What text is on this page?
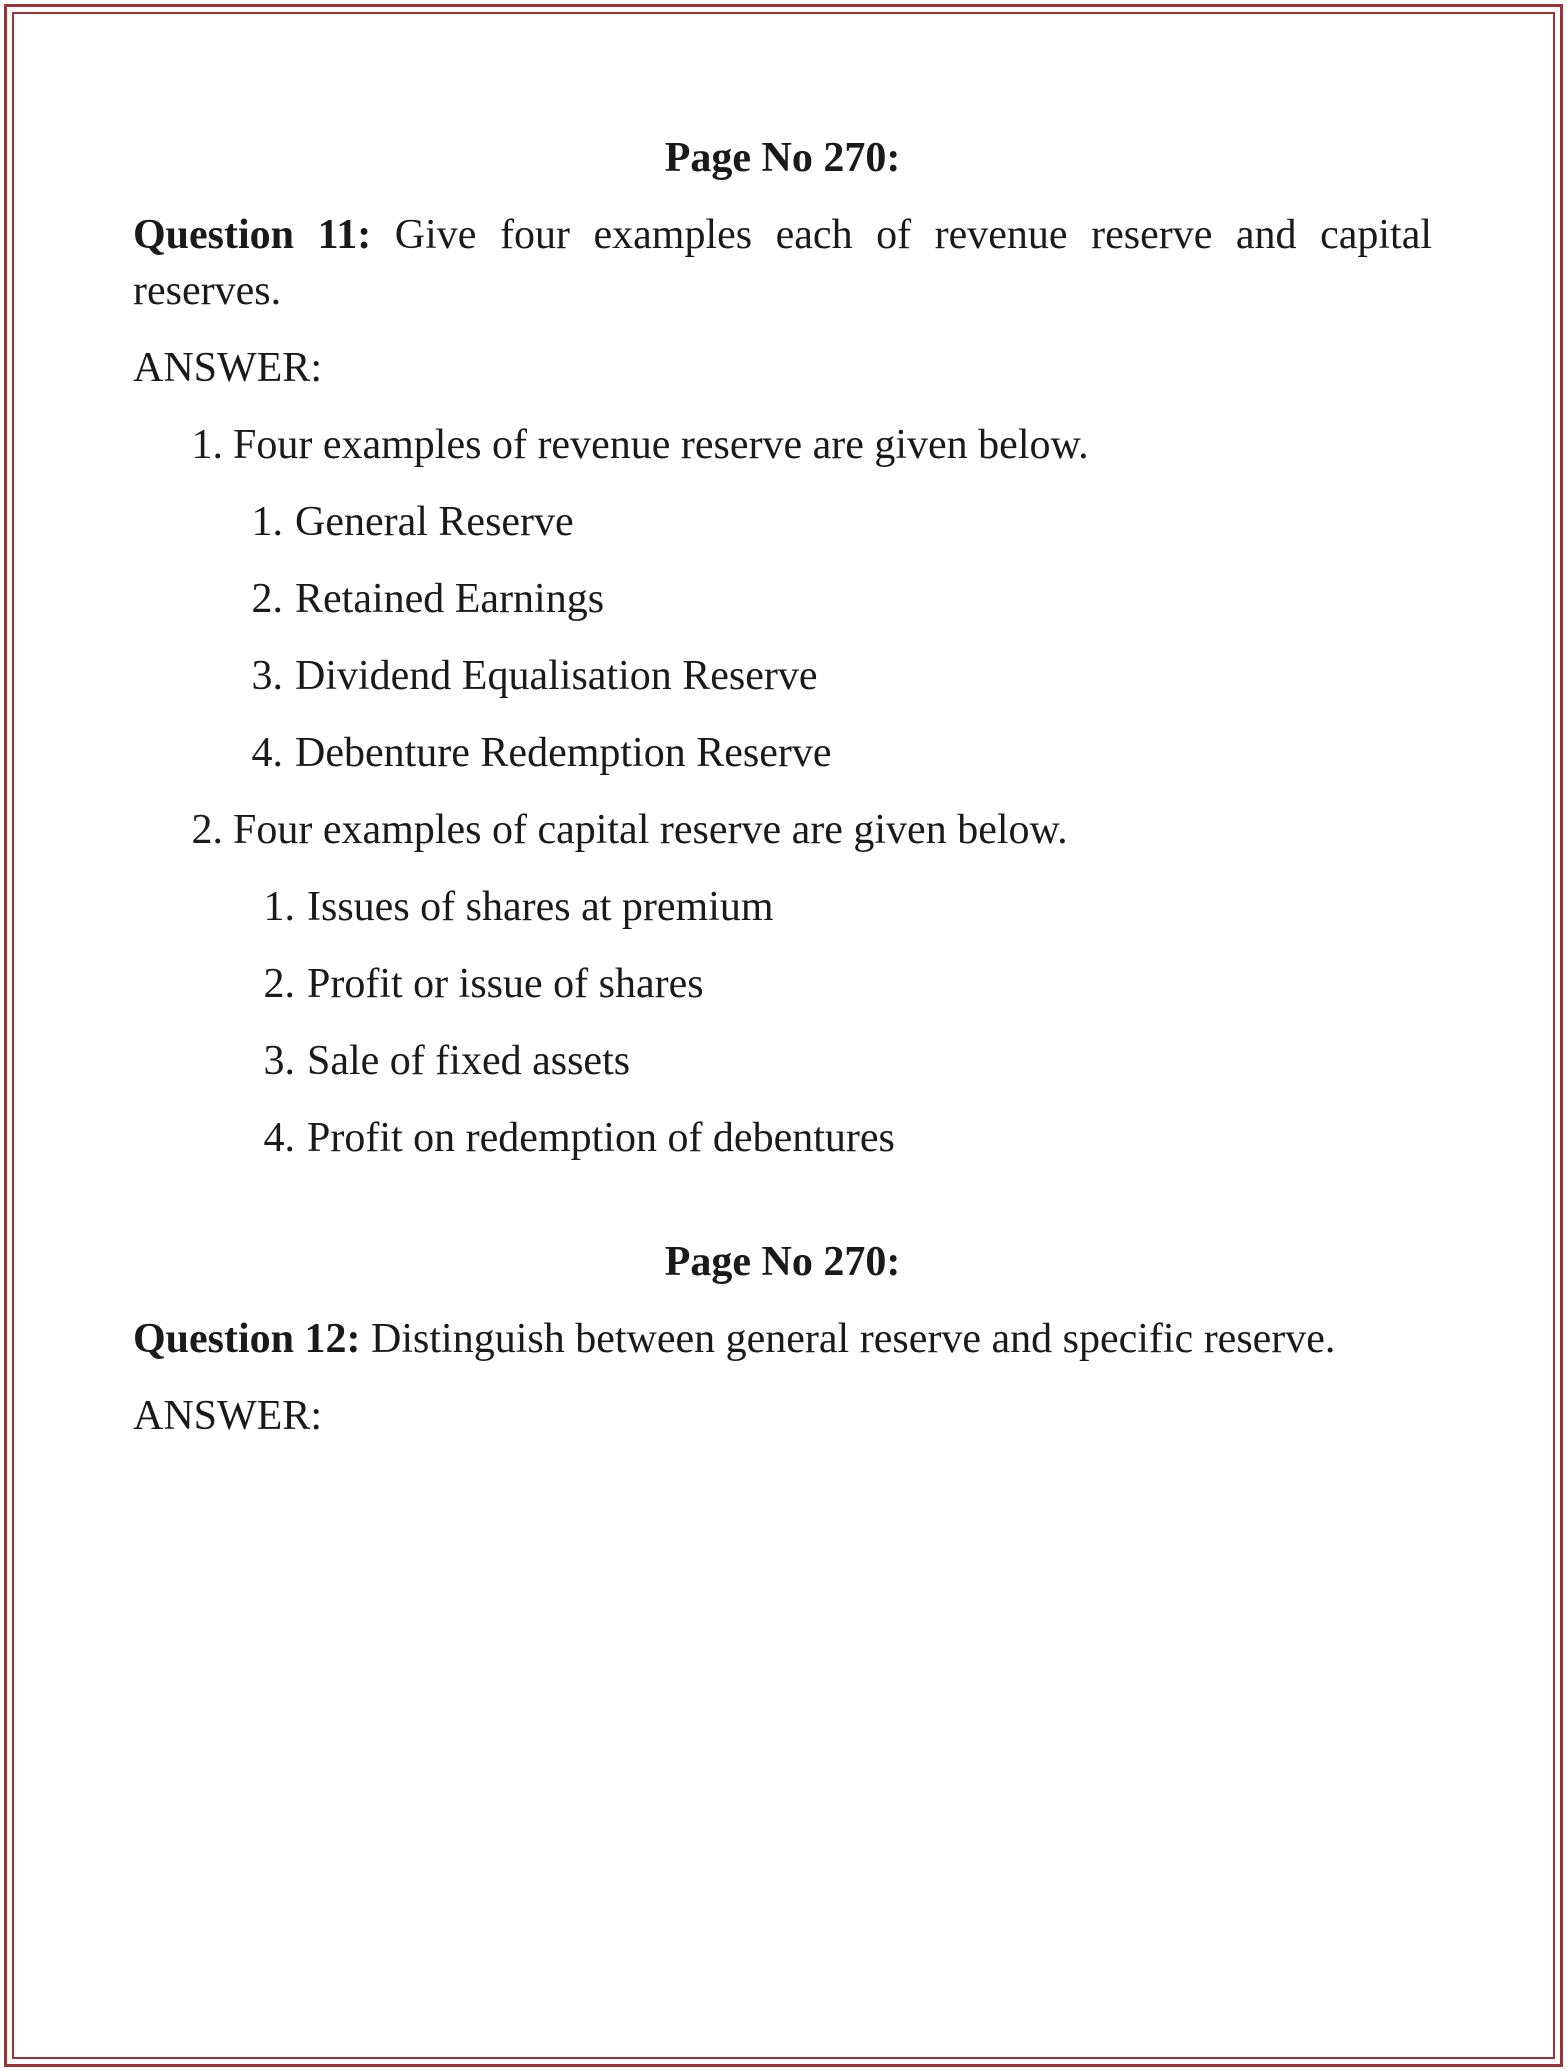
Page No 270:
Question 11: Give four examples each of revenue reserve and capital reserves.
ANSWER:
1. Four examples of revenue reserve are given below.
1. General Reserve
2. Retained Earnings
3. Dividend Equalisation Reserve
4. Debenture Redemption Reserve
2. Four examples of capital reserve are given below.
1. Issues of shares at premium
2. Profit or issue of shares
3. Sale of fixed assets
4. Profit on redemption of debentures
Page No 270:
Question 12: Distinguish between general reserve and specific reserve.
ANSWER:
